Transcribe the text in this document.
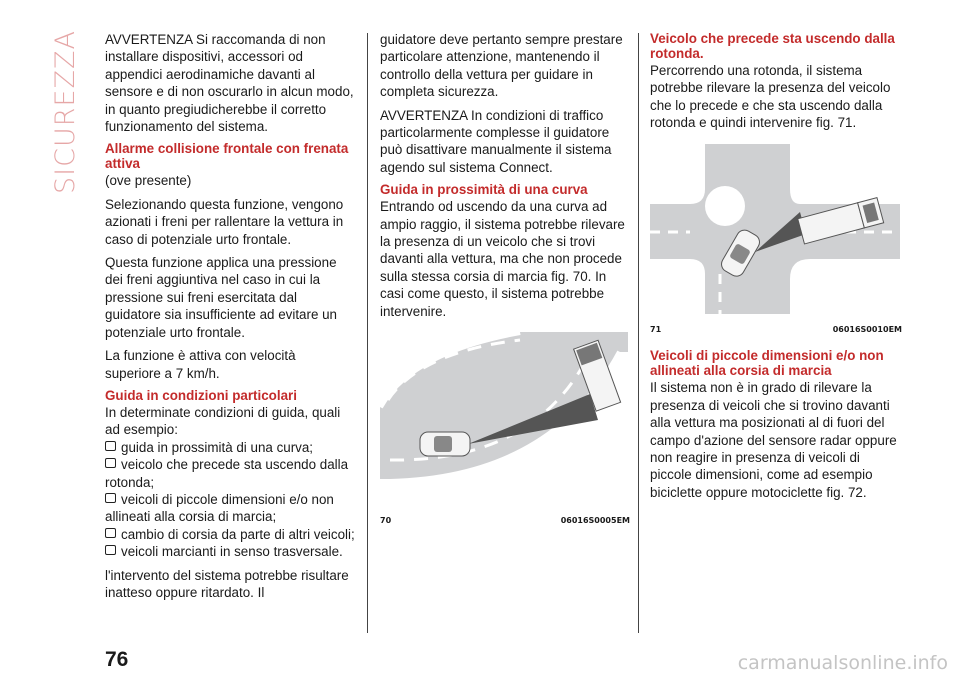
SICUREZZA AVVERTENZA Si raccomanda di non installare dispositivi, accessori od appendici aerodinamiche davanti al sensore e di non oscurarlo in alcun modo, in quanto pregiudicherebbe il corretto funzionamento del sistema.

Allarme collisione frontale con frenata attiva

(ove presente)

Selezionando questa funzione, vengono azionati i freni per rallentare la vettura in caso di potenziale urto frontale.

Questa funzione applica una pressione dei freni aggiuntiva nel caso in cui la pressione sui freni esercitata dal guidatore sia insufficiente ad evitare un potenziale urto frontale.

La funzione è attiva con velocità superiore a 7 km/h.

Guida in condizioni particolari

In determinate condizioni di guida, quali ad esempio:

guida in prossimità di una curva;
veicolo che precede sta uscendo dalla rotonda;
veicoli di piccole dimensioni e/o non allineati alla corsia di marcia;
cambio di corsia da parte di altri veicoli;
veicoli marcianti in senso trasversale.

l'intervento del sistema potrebbe risultare inatteso oppure ritardato. Il

guidatore deve pertanto sempre prestare particolare attenzione, mantenendo il controllo della vettura per guidare in completa sicurezza.

AVVERTENZA In condizioni di traffico particolarmente complesse il guidatore può disattivare manualmente il sistema agendo sul sistema Connect.

Guida in prossimità di una curva

Entrando od uscendo da una curva ad ampio raggio, il sistema potrebbe rilevare la presenza di un veicolo che si trovi davanti alla vettura, ma che non procede sulla stessa corsia di marcia fig. 70. In casi come questo, il sistema potrebbe intervenire.

70	06016S0005EM
Veicolo che precede sta uscendo dalla rotonda.

Percorrendo una rotonda, il sistema potrebbe rilevare la presenza del veicolo che lo precede e che sta uscendo dalla rotonda e quindi intervenire fig. 71.

71	06016S0010EM
Veicoli di piccole dimensioni e/o non allineati alla corsia di marcia

Il sistema non è in grado di rilevare la presenza di veicoli che si trovino davanti alla vettura ma posizionati al di fuori del campo d'azione del sensore radar oppure non reagire in presenza di veicoli di piccole dimensioni, come ad esempio biciclette oppure motociclette fig. 72.

76	carmanualsonline.info
